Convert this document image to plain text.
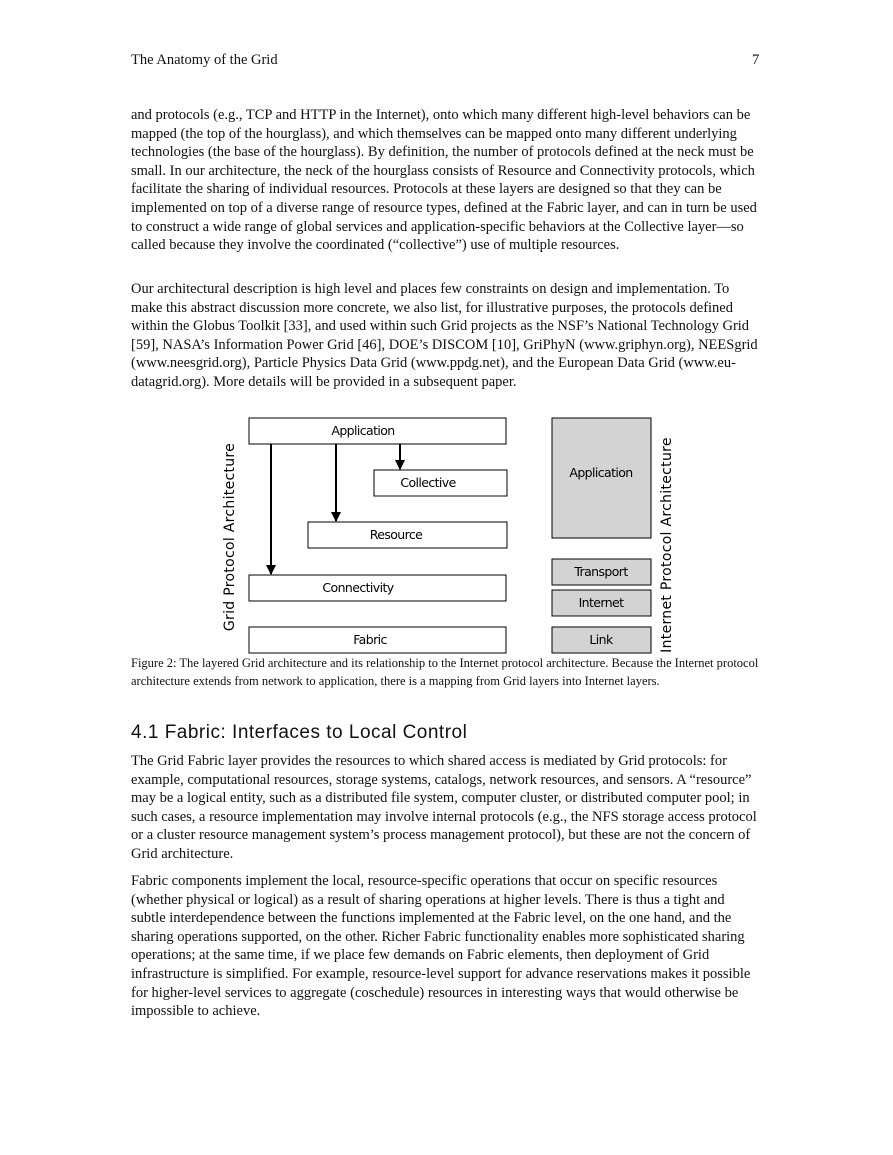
The Anatomy of the Grid	7

and protocols (e.g., TCP and HTTP in the Internet), onto which many different high-level behaviors can be mapped (the top of the hourglass), and which themselves can be mapped onto many different underlying technologies (the base of the hourglass). By definition, the number of protocols defined at the neck must be small. In our architecture, the neck of the hourglass consists of Resource and Connectivity protocols, which facilitate the sharing of individual resources. Protocols at these layers are designed so that they can be implemented on top of a diverse range of resource types, defined at the Fabric layer, and can in turn be used to construct a wide range of global services and application-specific behaviors at the Collective layer—so called because they involve the coordinated (“collective”) use of multiple resources.

Our architectural description is high level and places few constraints on design and implementation. To make this abstract discussion more concrete, we also list, for illustrative purposes, the protocols defined within the Globus Toolkit [33], and used within such Grid projects as the NSF’s National Technology Grid [59], NASA’s Information Power Grid [46], DOE’s DISCOM [10], GriPhyN (www.griphyn.org), NEESgrid (www.neesgrid.org), Particle Physics Data Grid (www.ppdg.net), and the European Data Grid (www.eu-datagrid.org). More details will be provided in a subsequent paper.

Application
Collective
Resource
Connectivity
Fabric
Application
Transport
Internet
Link
Grid Protocol Architecture	Internet Protocol Architecture

Figure 2: The layered Grid architecture and its relationship to the Internet protocol architecture. Because the Internet protocol architecture extends from network to application, there is a mapping from Grid layers into Internet layers.

4.1 Fabric: Interfaces to Local Control

The Grid Fabric layer provides the resources to which shared access is mediated by Grid protocols: for example, computational resources, storage systems, catalogs, network resources, and sensors. A “resource” may be a logical entity, such as a distributed file system, computer cluster, or distributed computer pool; in such cases, a resource implementation may involve internal protocols (e.g., the NFS storage access protocol or a cluster resource management system’s process management protocol), but these are not the concern of Grid architecture.

Fabric components implement the local, resource-specific operations that occur on specific resources (whether physical or logical) as a result of sharing operations at higher levels. There is thus a tight and subtle interdependence between the functions implemented at the Fabric level, on the one hand, and the sharing operations supported, on the other. Richer Fabric functionality enables more sophisticated sharing operations; at the same time, if we place few demands on Fabric elements, then deployment of Grid infrastructure is simplified. For example, resource-level support for advance reservations makes it possible for higher-level services to aggregate (coschedule) resources in interesting ways that would otherwise be impossible to achieve.
